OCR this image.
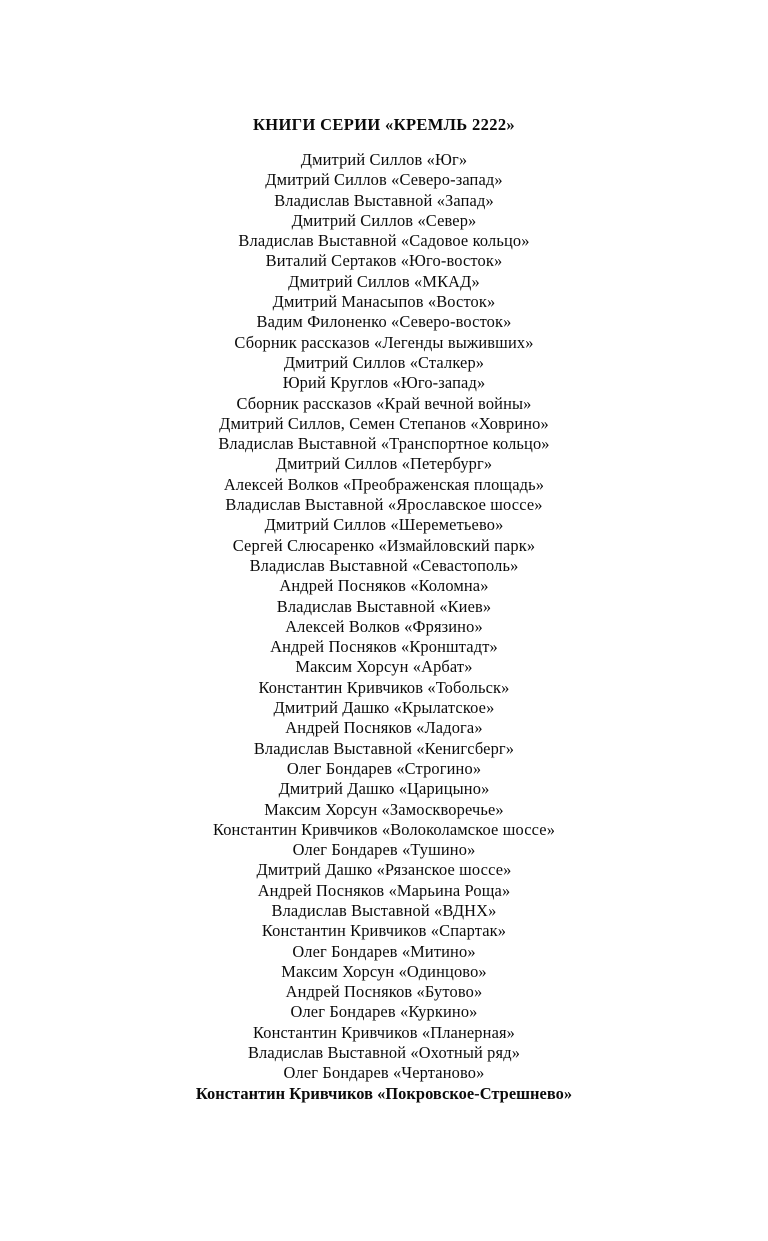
КНИГИ СЕРИИ «КРЕМЛЬ 2222»
Дмитрий Силлов «Юг»
Дмитрий Силлов «Северо-запад»
Владислав Выставной «Запад»
Дмитрий Силлов «Север»
Владислав Выставной «Садовое кольцо»
Виталий Сертаков «Юго-восток»
Дмитрий Силлов «МКАД»
Дмитрий Манасыпов «Восток»
Вадим Филоненко «Северо-восток»
Сборник рассказов «Легенды выживших»
Дмитрий Силлов «Сталкер»
Юрий Круглов «Юго-запад»
Сборник рассказов «Край вечной войны»
Дмитрий Силлов, Семен Степанов «Ховрино»
Владислав Выставной «Транспортное кольцо»
Дмитрий Силлов «Петербург»
Алексей Волков «Преображенская площадь»
Владислав Выставной «Ярославское шоссе»
Дмитрий Силлов «Шереметьево»
Сергей Слюсаренко «Измайловский парк»
Владислав Выставной «Севастополь»
Андрей Посняков «Коломна»
Владислав Выставной «Киев»
Алексей Волков «Фрязино»
Андрей Посняков «Кронштадт»
Максим Хорсун «Арбат»
Константин Кривчиков «Тобольск»
Дмитрий Дашко «Крылатское»
Андрей Посняков «Ладога»
Владислав Выставной «Кенигсберг»
Олег Бондарев «Строгино»
Дмитрий Дашко «Царицыно»
Максим Хорсун «Замоскворечье»
Константин Кривчиков «Волоколамское шоссе»
Олег Бондарев «Тушино»
Дмитрий Дашко «Рязанское шоссе»
Андрей Посняков «Марьина Роща»
Владислав Выставной «ВДНХ»
Константин Кривчиков «Спартак»
Олег Бондарев «Митино»
Максим Хорсун «Одинцово»
Андрей Посняков «Бутово»
Олег Бондарев «Куркино»
Константин Кривчиков «Планерная»
Владислав Выставной «Охотный ряд»
Олег Бондарев «Чертаново»
Константин Кривчиков «Покровское-Стрешнево»
